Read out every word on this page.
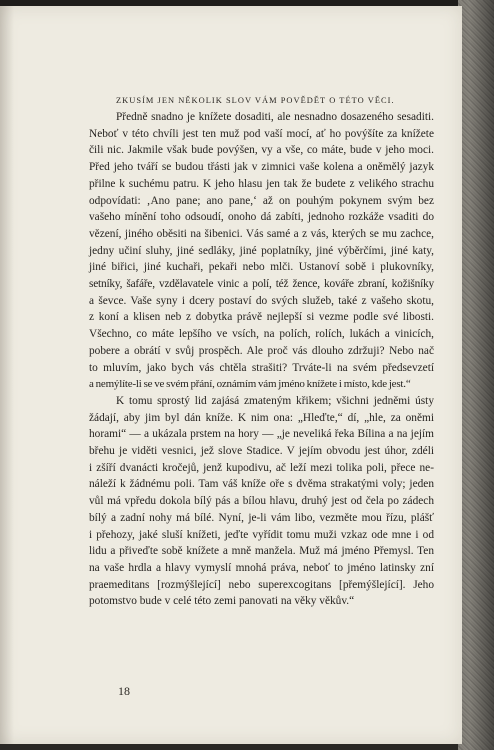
ZKUSÍM JEN NĚKOLIK SLOV VÁM POVĚDĚT O TÉTO VĚCI.
Předně snadno je knížete dosaditi, ale nesnadno dosazeného sesaditi.
Neboť v této chvíli jest ten muž pod vaší mocí, ať ho povýšíte za knížete
čili nic. Jakmile však bude povýšen, vy a vše, co máte, bude v jeho moci.
Před jeho tváří se budou třásti jak v zimnici vaše kolena a oněmělý jazyk
přilne k suchému patru. K jeho hlasu jen tak že budete z velikého strachu
odpovídati: ‚Ano pane; ano pane,‘ až on pouhým pokynem svým bez
vašeho mínění toho odsoudí, onoho dá zabíti, jednoho rozkáže vsaditi do
vězení, jiného oběsiti na šibenici. Vás samé a z vás, kterých se mu zachce,
jedny učiní sluhy, jiné sedláky, jiné poplatníky, jiné výběrčími, jiné katy,
jiné biřici, jiné kuchaři, pekaři nebo mlči. Ustanoví sobě i plukovníky,
setníky, šafáře, vzdělavatele vinic a polí, též žence, kováře zbraní, kožišníky
a ševce. Vaše syny i dcery postaví do svých služeb, také z vašeho skotu,
z koní a klisen neb z dobytka právě nejlepší si vezme podle své libosti.
Všechno, co máte lepšího ve vsích, na polích, rolích, lukách a vinicích,
pobere a obrátí v svůj prospěch. Ale proč vás dlouho zdržuji? Nebo nač
to mluvím, jako bych vás chtěla strašiti? Trváte-li na svém předsevzetí
a nemýlíte-li se ve svém přání, oznámím vám jméno knížete i místo, kde jest.“
K tomu sprostý lid zajásá zmateným křikem; všichni jedněmi ústy
žádají, aby jim byl dán kníže. K nim ona: „Hleďte,“ dí, „hle, za oněmi
horami“ — a ukázala prstem na hory — „je neveliká řeka Bílina a na jejím
břehu je viděti vesnici, jež slove Stadice. V jejím obvodu jest úhor, zdéli
i zšíří dvanácti kročejů, jenž kupodivu, ač leží mezi tolika poli, přece ne-
náleží k žádnému poli. Tam váš kníže oře s dvěma strakatými voly; jeden
vůl má vpředu dokola bílý pás a bílou hlavu, druhý jest od čela po zádech
bílý a zadní nohy má bílé. Nyní, je-li vám libo, vezměte mou řízu, plášť
i přehozy, jaké sluší knížeti, jeďte vyřídit tomu muži vzkaz ode mne i od
lidu a přiveďte sobě knížete a mně manžela. Muž má jméno Přemysl. Ten
na vaše hrdla a hlavy vymyslí mnohá práva, neboť to jméno latinsky zní
praemeditans [rozmýšlející] nebo superexcogitans [přemýšlející]. Jeho
potomstvo bude v celé této zemi panovati na věky věkův.“
18
